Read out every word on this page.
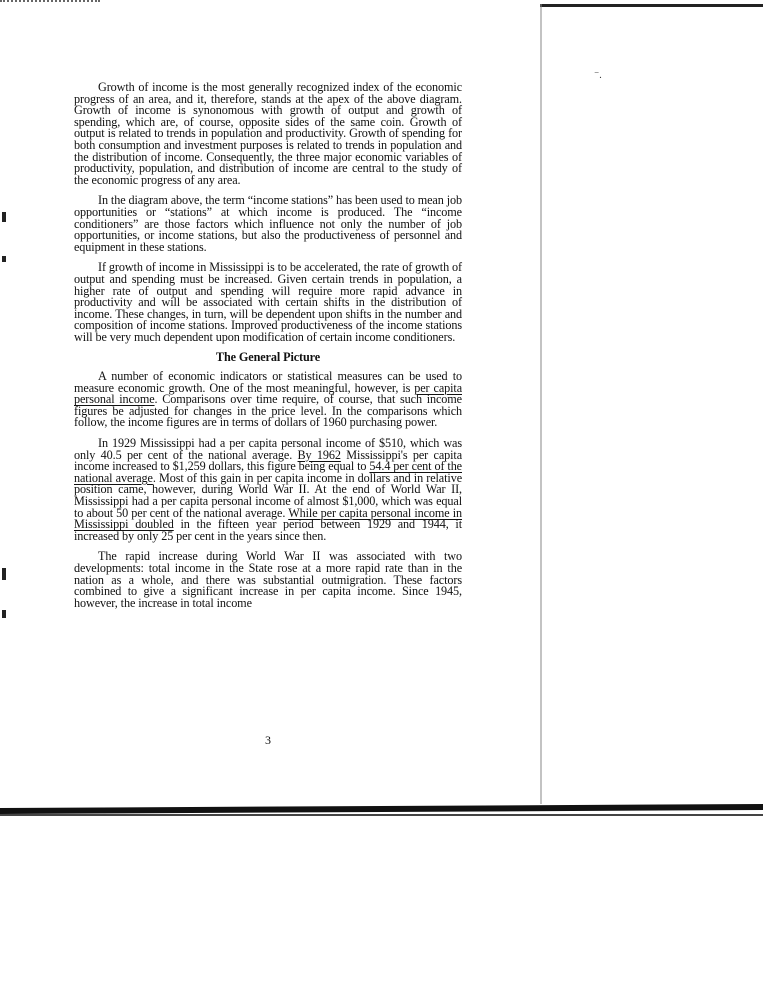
⁻.

Growth of income is the most generally recognized index of the economic progress of an area, and it, therefore, stands at the apex of the above diagram. Growth of income is synonomous with growth of output and growth of spending, which are, of course, opposite sides of the same coin. Growth of output is related to trends in population and productivity. Growth of spending for both consumption and investment purposes is related to trends in population and the distribution of income. Consequently, the three major economic variables of productivity, population, and distribution of income are central to the study of the economic progress of any area.

In the diagram above, the term “income stations” has been used to mean job opportunities or “stations” at which income is produced. The “income conditioners” are those factors which influence not only the number of job opportunities, or income stations, but also the productiveness of personnel and equipment in these stations.

If growth of income in Mississippi is to be accelerated, the rate of growth of output and spending must be increased. Given certain trends in population, a higher rate of output and spending will require more rapid advance in productivity and will be associated with certain shifts in the distribution of income. These changes, in turn, will be dependent upon shifts in the number and composition of income stations. Improved productiveness of the income stations will be very much dependent upon modification of certain income conditioners.

The General Picture

A number of economic indicators or statistical measures can be used to measure economic growth. One of the most meaningful, however, is per capita personal income. Comparisons over time require, of course, that such income figures be adjusted for changes in the price level. In the comparisons which follow, the income figures are in terms of dollars of 1960 purchasing power.

In 1929 Mississippi had a per capita personal income of $510, which was only 40.5 per cent of the national average. By 1962 Mississippi's per capita income increased to $1,259 dollars, this figure being equal to 54.4 per cent of the national average. Most of this gain in per capita income in dollars and in relative position came, however, during World War II. At the end of World War II, Mississippi had a per capita personal income of almost $1,000, which was equal to about 50 per cent of the national average. While per capita personal income in Mississippi doubled in the fifteen year period between 1929 and 1944, it increased by only 25 per cent in the years since then.

The rapid increase during World War II was associated with two developments: total income in the State rose at a more rapid rate than in the nation as a whole, and there was substantial outmigration. These factors combined to give a significant increase in per capita income. Since 1945, however, the increase in total income

3
